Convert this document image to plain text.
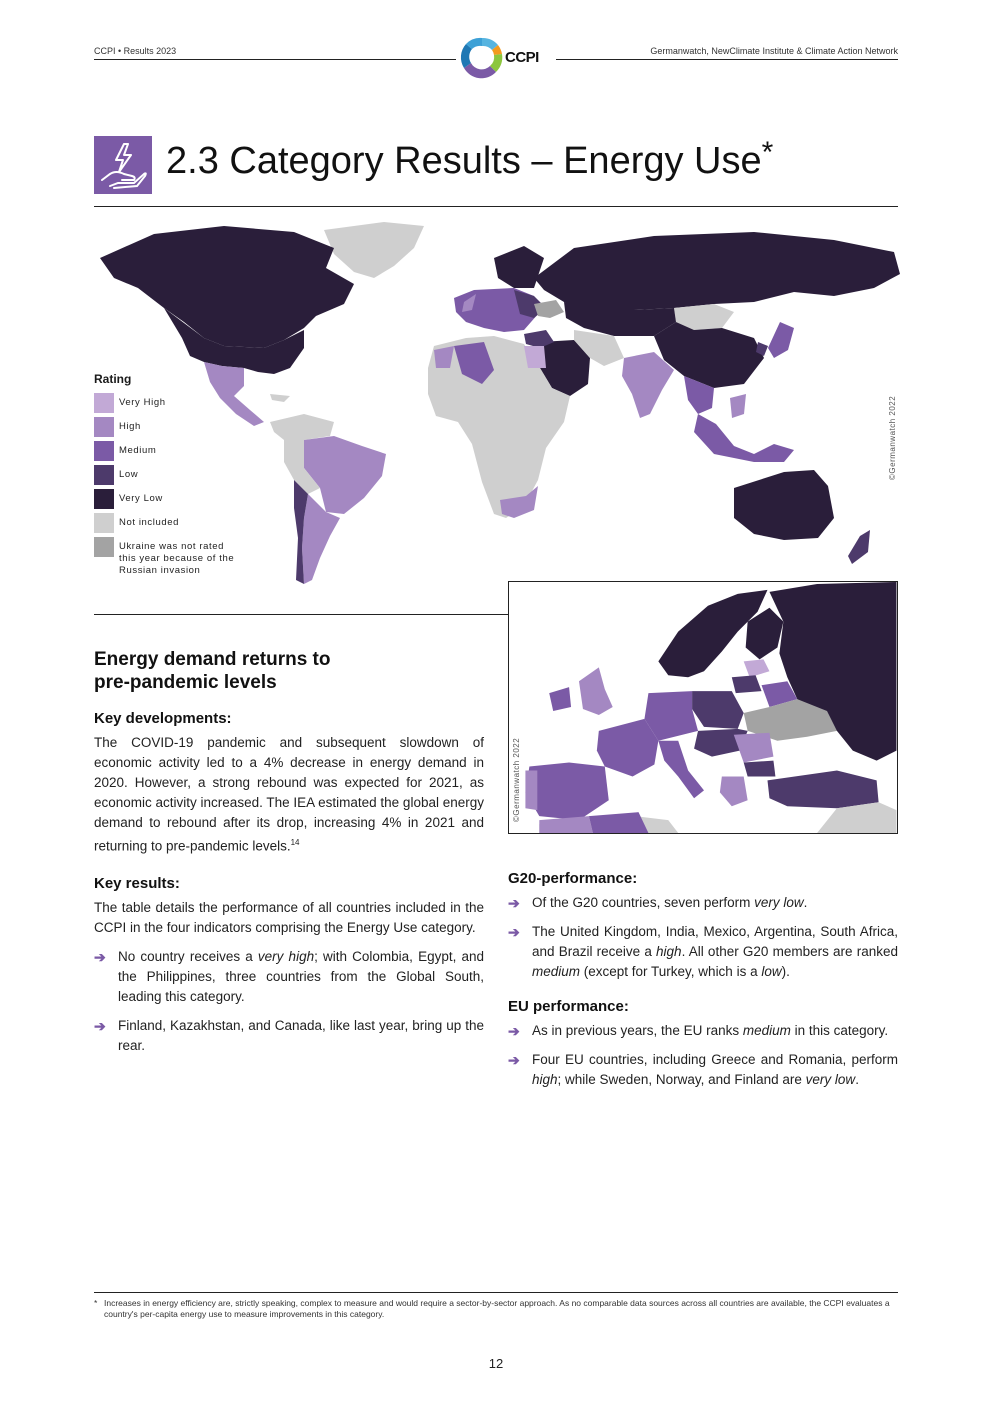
CCPI • Results 2023	Germanwatch, NewClimate Institute & Climate Action Network
CCPI
2.3 Category Results – Energy Use*
©Germanwatch 2022
Rating
Very High
High
Medium
Low
Very Low
Not included
Ukraine was not rated this year because of the Russian invasion
©Germanwatch 2022
Energy demand returns to pre-pandemic levels
Key developments:

The COVID-19 pandemic and subsequent slowdown of economic activity led to a 4% decrease in energy demand in 2020. However, a strong rebound was expected for 2021, as economic activity increased. The IEA estimated the global energy demand to rebound after its drop, increasing 4% in 2021 and returning to pre-pandemic levels.$^{14}$

Key results:

The table details the performance of all countries included in the CCPI in the four indicators comprising the Energy Use category.

➔ No country receives a very high; with Colombia, Egypt, and the Philippines, three countries from the Global South, leading this category.
➔ Finland, Kazakhstan, and Canada, like last year, bring up the rear.
G20-performance:
➔ Of the G20 countries, seven perform very low.
➔ The United Kingdom, India, Mexico, Argentina, South Africa, and Brazil receive a high. All other G20 members are ranked medium (except for Turkey, which is a low).
EU performance:
➔ As in previous years, the EU ranks medium in this category.
➔ Four EU countries, including Greece and Romania, perform high; while Sweden, Norway, and Finland are very low.
* Increases in energy efficiency are, strictly speaking, complex to measure and would require a sector-by-sector approach. As no comparable data sources across all countries are available, the CCPI evaluates a country's per-capita energy use to measure improvements in this category.
12
